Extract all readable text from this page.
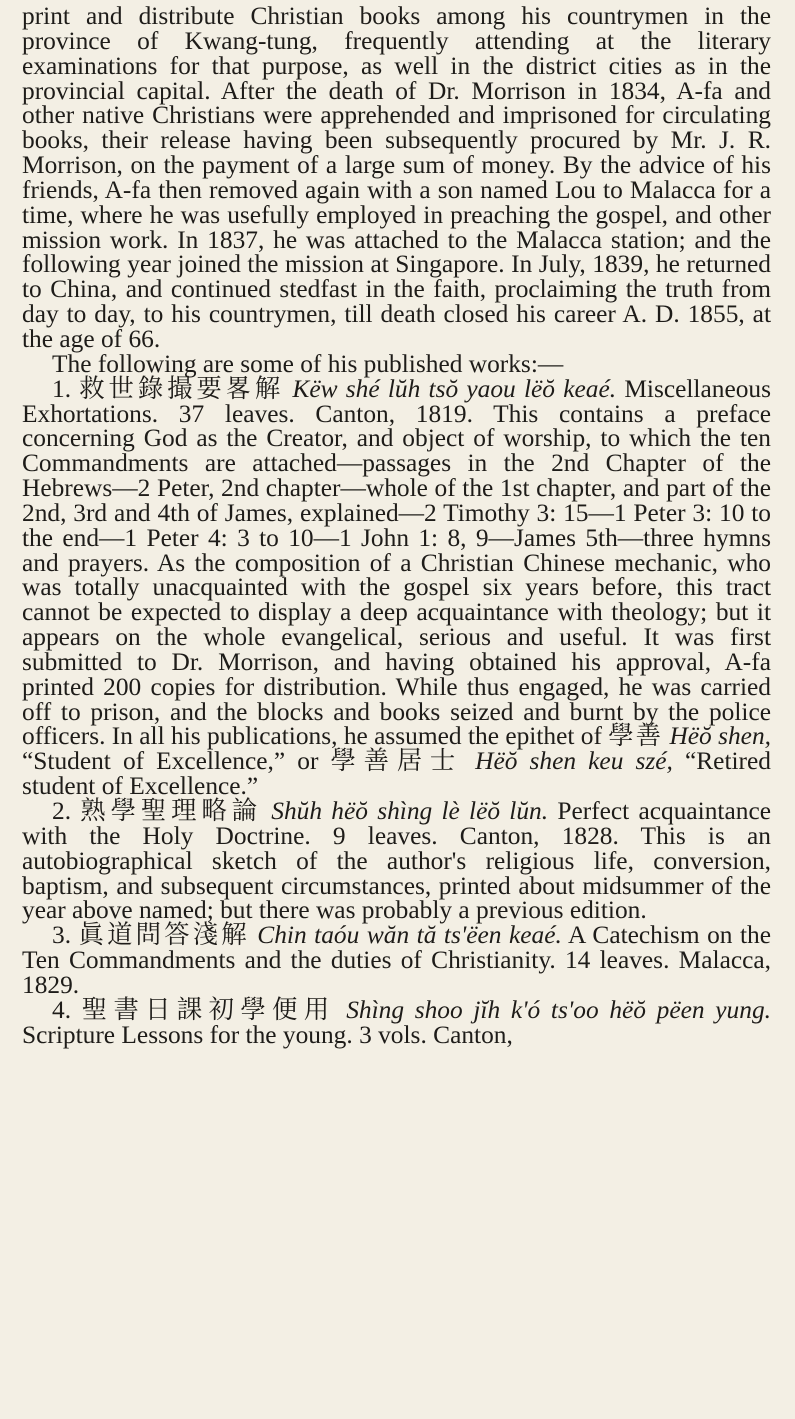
print and distribute Christian books among his countrymen in the province of Kwang-tung, frequently attending at the literary examinations for that purpose, as well in the district cities as in the provincial capital. After the death of Dr. Morrison in 1834, A-fa and other native Christians were apprehended and imprisoned for circulating books, their release having been subsequently procured by Mr. J. R. Morrison, on the payment of a large sum of money. By the advice of his friends, A-fa then removed again with a son named Lou to Malacca for a time, where he was usefully employed in preaching the gospel, and other mission work. In 1837, he was attached to the Malacca station; and the following year joined the mission at Singapore. In July, 1839, he returned to China, and continued stedfast in the faith, proclaiming the truth from day to day, to his countrymen, till death closed his career A. D. 1855, at the age of 66.

The following are some of his published works:—

1. 救世錄撮要畧解 Këw shé lŭh tsŏ yaou lëŏ keaé. Miscellaneous Exhortations. 37 leaves. Canton, 1819. This contains a preface concerning God as the Creator, and object of worship, to which the ten Commandments are attached—passages in the 2nd Chapter of the Hebrews—2 Peter, 2nd chapter—whole of the 1st chapter, and part of the 2nd, 3rd and 4th of James, explained—2 Timothy 3: 15—1 Peter 3: 10 to the end—1 Peter 4: 3 to 10—1 John 1: 8, 9—James 5th—three hymns and prayers. As the composition of a Christian Chinese mechanic, who was totally unacquainted with the gospel six years before, this tract cannot be expected to display a deep acquaintance with theology; but it appears on the whole evangelical, serious and useful. It was first submitted to Dr. Morrison, and having obtained his approval, A-fa printed 200 copies for distribution. While thus engaged, he was carried off to prison, and the blocks and books seized and burnt by the police officers. In all his publications, he assumed the epithet of 學善 Hëŏ shen, “Student of Excellence,” or 學善居士 Hëŏ shen keu szé, “Retired student of Excellence.”

2. 熟學聖理略論 Shŭh hëŏ shìng lè lëŏ lŭn. Perfect acquaintance with the Holy Doctrine. 9 leaves. Canton, 1828. This is an autobiographical sketch of the author's religious life, conversion, baptism, and subsequent circumstances, printed about midsummer of the year above named; but there was probably a previous edition.

3. 眞道問答淺解 Chin taóu wăn tă ts'ëen keaé. A Catechism on the Ten Commandments and the duties of Christianity. 14 leaves. Malacca, 1829.

4. 聖書日課初學便用 Shìng shoo jĭh k'ó ts'oo hëŏ pëen yung. Scripture Lessons for the young. 3 vols. Canton,
